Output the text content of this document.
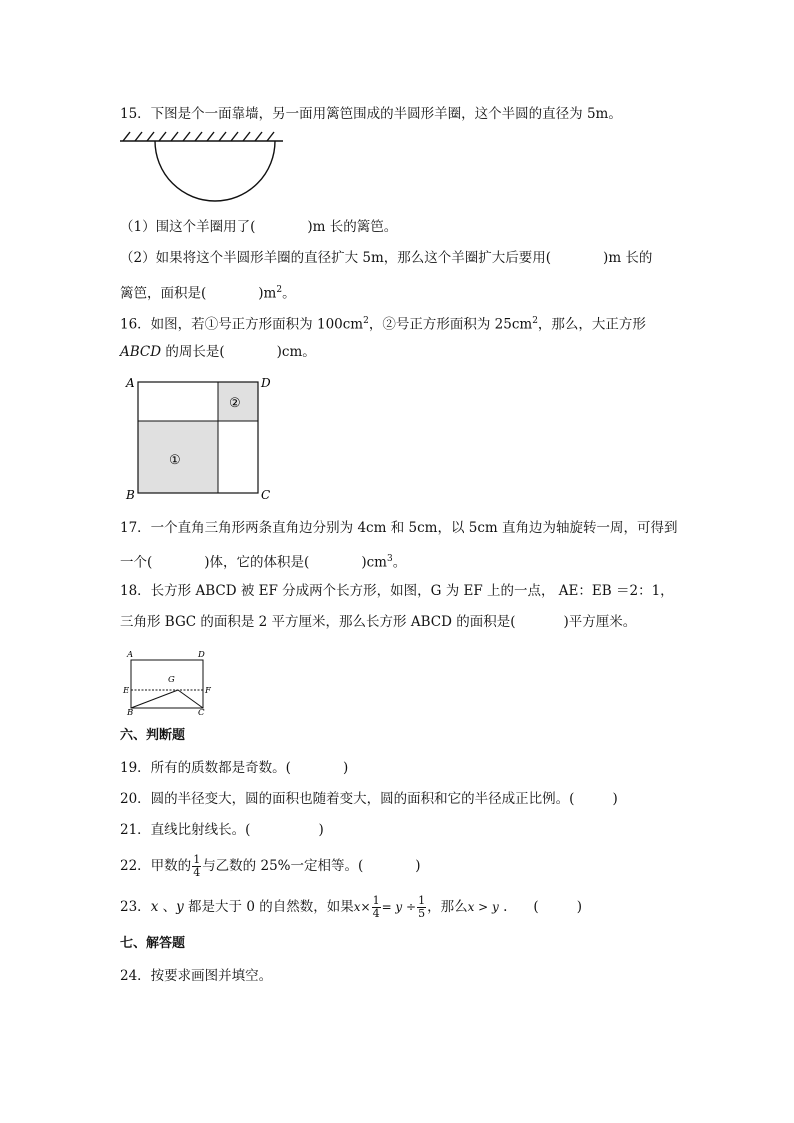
15．下图是个一面靠墙，另一面用篱笆围成的半圆形羊圈，这个半圆的直径为 5m。
（1）围这个羊圈用了(	)m 长的篱笆。
（2）如果将这个半圆形羊圈的直径扩大 5m，那么这个羊圈扩大后要用(	)m 长的
篱笆，面积是(	)$m^2$。
16．如图，若①号正方形面积为 $100cm^2$，②号正方形面积为 $25cm^2$，那么，大正方形
ABCD 的周长是(	)cm。
A	D
B	C
①
②
17．一个直角三角形两条直角边分别为 4cm 和 5cm，以 5cm 直角边为轴旋转一周，可得到
一个(	)体，它的体积是(	)$cm^3$。
18．长方形 ABCD 被 EF 分成两个长方形，如图，G 为 EF 上的一点， AE：EB ＝2：1，
三角形 BGC 的面积是 2 平方厘米，那么长方形 ABCD 的面积是(	)平方厘米。
A	D
E	F
G
B	C
六、判断题
19．所有的质数都是奇数。(	)
20．圆的半径变大，圆的面积也随着变大，圆的面积和它的半径成正比例。(	)
21．直线比射线长。(	)
22．甲数的 $\frac{1}{4}$ 与乙数的 25%一定相等。(	)
23．x 、y 都是大于 0 的自然数，如果$x\times \frac{1}{4} = y \div \frac{1}{5}$ ，那么x > y . (	)
七、解答题
24．按要求画图并填空。
